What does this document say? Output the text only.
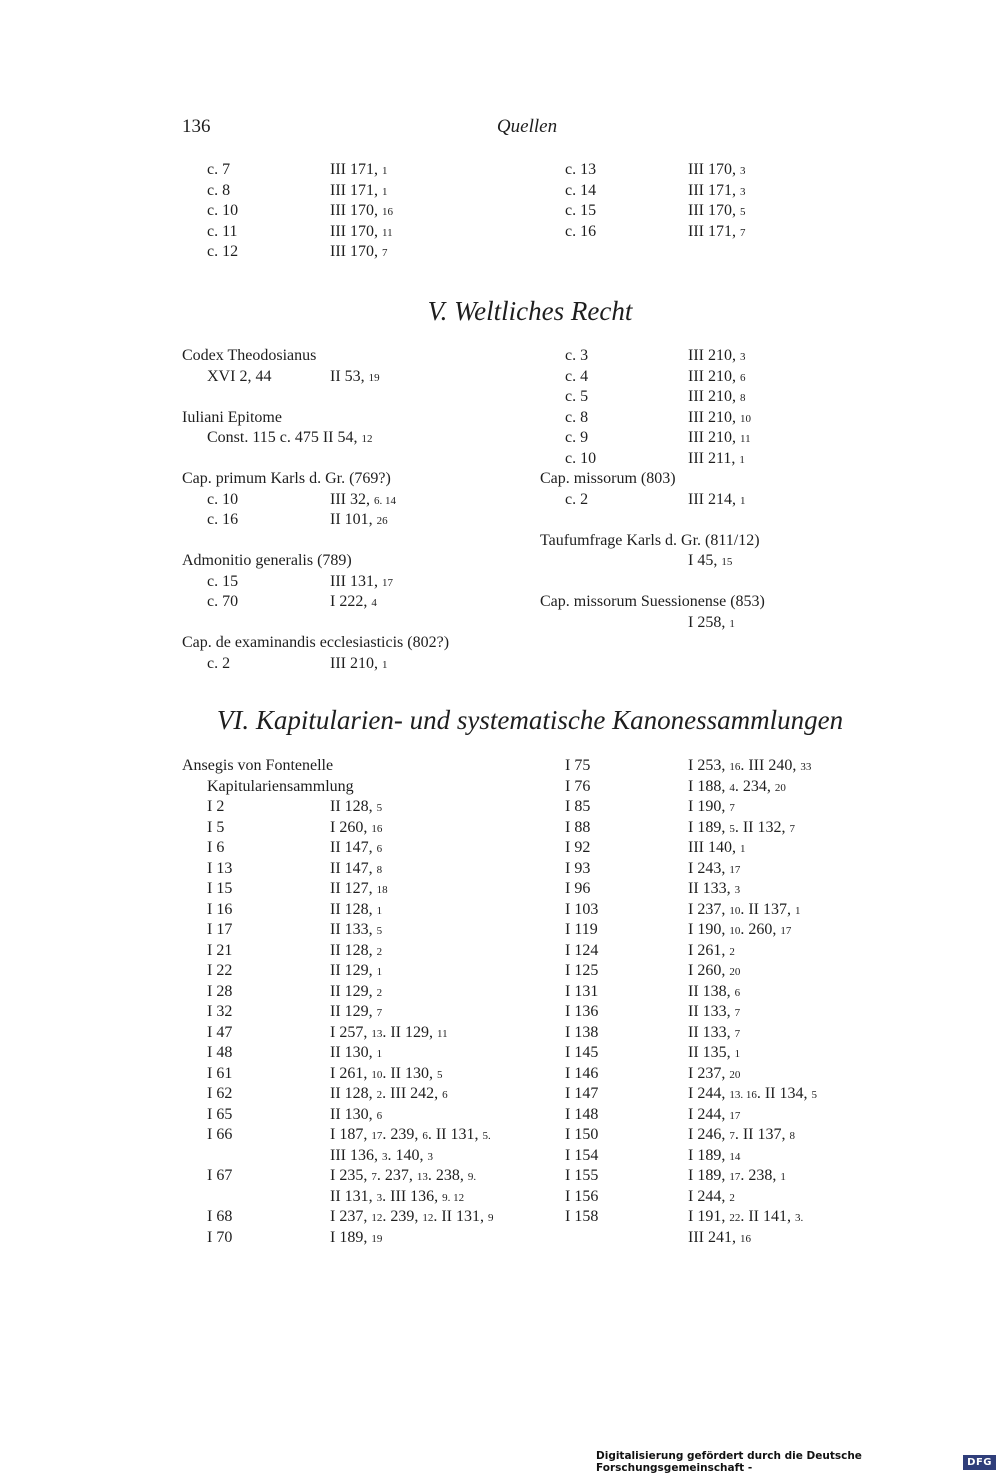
136	Quellen
c. 7	III 171, 1
c. 8	III 171, 1
c. 10	III 170, 16
c. 11	III 170, 11
c. 12	III 170, 7
c. 13	III 170, 3
c. 14	III 171, 3
c. 15	III 170, 5
c. 16	III 171, 7
V. Weltliches Recht
Codex Theodosianus
XVI 2, 44	II 53, 19
Iuliani Epitome
Const. 115 c. 475 II 54, 12
Cap. primum Karls d. Gr. (769?)
c. 10	III 32, 6. 14
c. 16	II 101, 26
Admonitio generalis (789)
c. 15	III 131, 17
c. 70	I 222, 4
Cap. de examinandis ecclesiasticis (802?)
c. 2	III 210, 1
c. 3	III 210, 3
c. 4	III 210, 6
c. 5	III 210, 8
c. 8	III 210, 10
c. 9	III 210, 11
c. 10	III 211, 1
Cap. missorum (803)
c. 2	III 214, 1
Taufumfrage Karls d. Gr. (811/12)
I 45, 15
Cap. missorum Suessionense (853)
I 258, 1
VI. Kapitularien- und systematische Kanonessammlungen
Ansegis von Fontenelle
Kapitulariensammlung
I 2	II 128, 5
I 5	I 260, 16
I 6	II 147, 6
I 13	II 147, 8
I 15	II 127, 18
I 16	II 128, 1
I 17	II 133, 5
I 21	II 128, 2
I 22	II 129, 1
I 28	II 129, 2
I 32	II 129, 7
I 47	I 257, 13. II 129, 11
I 48	II 130, 1
I 61	I 261, 10. II 130, 5
I 62	II 128, 2. III 242, 6
I 65	II 130, 6
I 66	I 187, 17. 239, 6. II 131, 5.
III 136, 3. 140, 3
I 67	I 235, 7. 237, 13. 238, 9.
II 131, 3. III 136, 9. 12
I 68	I 237, 12. 239, 12. II 131, 9
I 70	I 189, 19
I 75	I 253, 16. III 240, 33
I 76	I 188, 4. 234, 20
I 85	I 190, 7
I 88	I 189, 5. II 132, 7
I 92	III 140, 1
I 93	I 243, 17
I 96	II 133, 3
I 103	I 237, 10. II 137, 1
I 119	I 190, 10. 260, 17
I 124	I 261, 2
I 125	I 260, 20
I 131	II 138, 6
I 136	II 133, 7
I 138	II 133, 7
I 145	II 135, 1
I 146	I 237, 20
I 147	I 244, 13. 16. II 134, 5
I 148	I 244, 17
I 150	I 246, 7. II 137, 8
I 154	I 189, 14
I 155	I 189, 17. 238, 1
I 156	I 244, 2
I 158	I 191, 22. II 141, 3.
III 241, 16
Digitalisierung gefördert durch die Deutsche Forschungsgemeinschaft -	DFG
